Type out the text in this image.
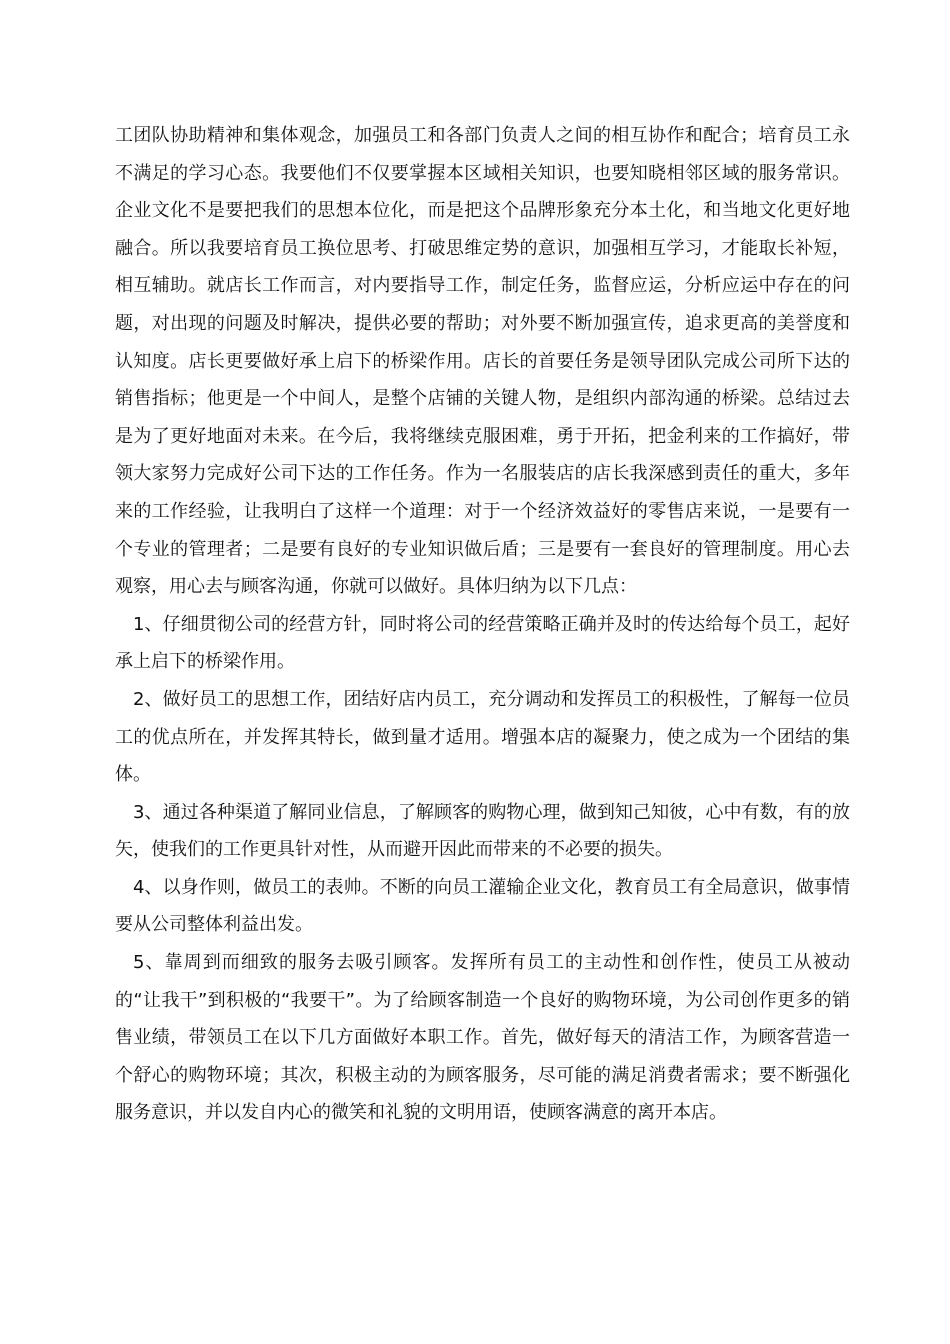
工团队协助精神和集体观念，加强员工和各部门负责人之间的相互协作和配合；培育员工永不满足的学习心态。我要他们不仅要掌握本区域相关知识，也要知晓相邻区域的服务常识。企业文化不是要把我们的思想本位化，而是把这个品牌形象充分本土化，和当地文化更好地融合。所以我要培育员工换位思考、打破思维定势的意识，加强相互学习，才能取长补短，相互辅助。就店长工作而言，对内要指导工作，制定任务，监督应运，分析应运中存在的问题，对出现的问题及时解决，提供必要的帮助；对外要不断加强宣传，追求更高的美誉度和认知度。店长更要做好承上启下的桥梁作用。店长的首要任务是领导团队完成公司所下达的销售指标；他更是一个中间人，是整个店铺的关键人物，是组织内部沟通的桥梁。总结过去是为了更好地面对未来。在今后，我将继续克服困难，勇于开拓，把金利来的工作搞好，带领大家努力完成好公司下达的工作任务。作为一名服装店的店长我深感到责任的重大，多年来的工作经验，让我明白了这样一个道理：对于一个经济效益好的零售店来说，一是要有一个专业的管理者；二是要有良好的专业知识做后盾；三是要有一套良好的管理制度。用心去观察，用心去与顾客沟通，你就可以做好。具体归纳为以下几点：

1、仔细贯彻公司的经营方针，同时将公司的经营策略正确并及时的传达给每个员工，起好承上启下的桥梁作用。

2、做好员工的思想工作，团结好店内员工，充分调动和发挥员工的积极性，了解每一位员工的优点所在，并发挥其特长，做到量才适用。增强本店的凝聚力，使之成为一个团结的集体。

3、通过各种渠道了解同业信息，了解顾客的购物心理，做到知己知彼，心中有数，有的放矢，使我们的工作更具针对性，从而避开因此而带来的不必要的损失。

4、以身作则，做员工的表帅。不断的向员工灌输企业文化，教育员工有全局意识，做事情要从公司整体利益出发。

5、靠周到而细致的服务去吸引顾客。发挥所有员工的主动性和创作性，使员工从被动的“让我干”到积极的“我要干”。为了给顾客制造一个良好的购物环境，为公司创作更多的销售业绩，带领员工在以下几方面做好本职工作。首先，做好每天的清洁工作，为顾客营造一个舒心的购物环境；其次，积极主动的为顾客服务，尽可能的满足消费者需求；要不断强化服务意识，并以发自内心的微笑和礼貌的文明用语，使顾客满意的离开本店。
